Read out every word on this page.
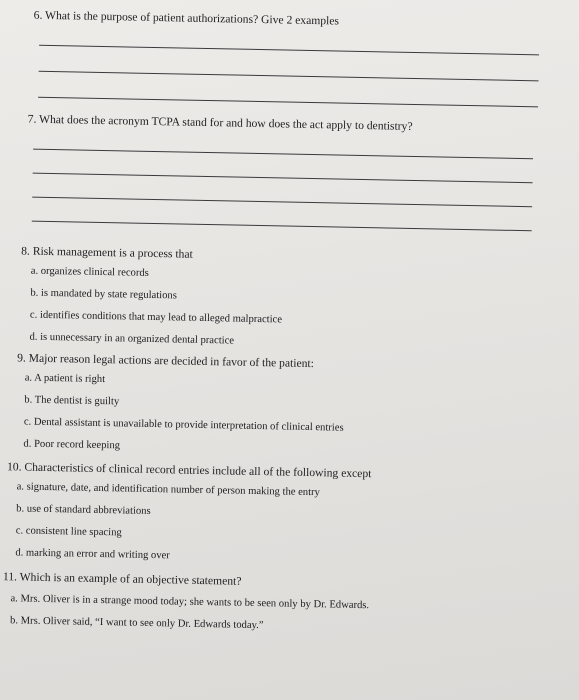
6. What is the purpose of patient authorizations? Give 2 examples
7. What does the acronym TCPA stand for and how does the act apply to dentistry?
8. Risk management is a process that
a. organizes clinical records
b. is mandated by state regulations
c. identifies conditions that may lead to alleged malpractice
d. is unnecessary in an organized dental practice
9. Major reason legal actions are decided in favor of the patient:
a. A patient is right
b. The dentist is guilty
c. Dental assistant is unavailable to provide interpretation of clinical entries
d. Poor record keeping
10. Characteristics of clinical record entries include all of the following except
a. signature, date, and identification number of person making the entry
b. use of standard abbreviations
c. consistent line spacing
d. marking an error and writing over
11. Which is an example of an objective statement?
a. Mrs. Oliver is in a strange mood today; she wants to be seen only by Dr. Edwards.
b. Mrs. Oliver said, “I want to see only Dr. Edwards today.”
